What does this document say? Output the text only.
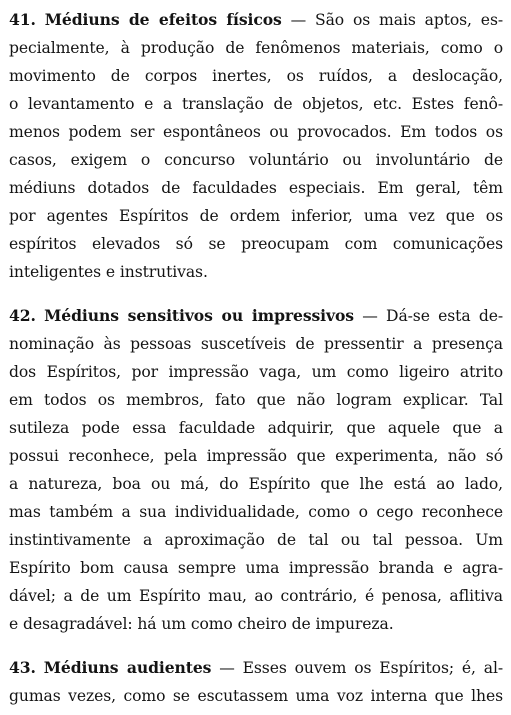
41. Médiuns de efeitos físicos — São os mais aptos, es-
pecialmente, à produção de fenômenos materiais, como o
movimento de corpos inertes, os ruídos, a deslocação,
o levantamento e a translação de objetos, etc. Estes fenô-
menos podem ser espontâneos ou provocados. Em todos os
casos, exigem o concurso voluntário ou involuntário de
médiuns dotados de faculdades especiais. Em geral, têm
por agentes Espíritos de ordem inferior, uma vez que os
espíritos elevados só se preocupam com comunicações
inteligentes e instrutivas.
42. Médiuns sensitivos ou impressivos — Dá-se esta de-
nominação às pessoas suscetíveis de pressentir a presença
dos Espíritos, por impressão vaga, um como ligeiro atrito
em todos os membros, fato que não logram explicar. Tal
sutileza pode essa faculdade adquirir, que aquele que a
possui reconhece, pela impressão que experimenta, não só
a natureza, boa ou má, do Espírito que lhe está ao lado,
mas também a sua individualidade, como o cego reconhece
instintivamente a aproximação de tal ou tal pessoa. Um
Espírito bom causa sempre uma impressão branda e agra-
dável; a de um Espírito mau, ao contrário, é penosa, aflitiva
e desagradável: há um como cheiro de impureza.
43. Médiuns audientes — Esses ouvem os Espíritos; é, al-
gumas vezes, como se escutassem uma voz interna que lhes
